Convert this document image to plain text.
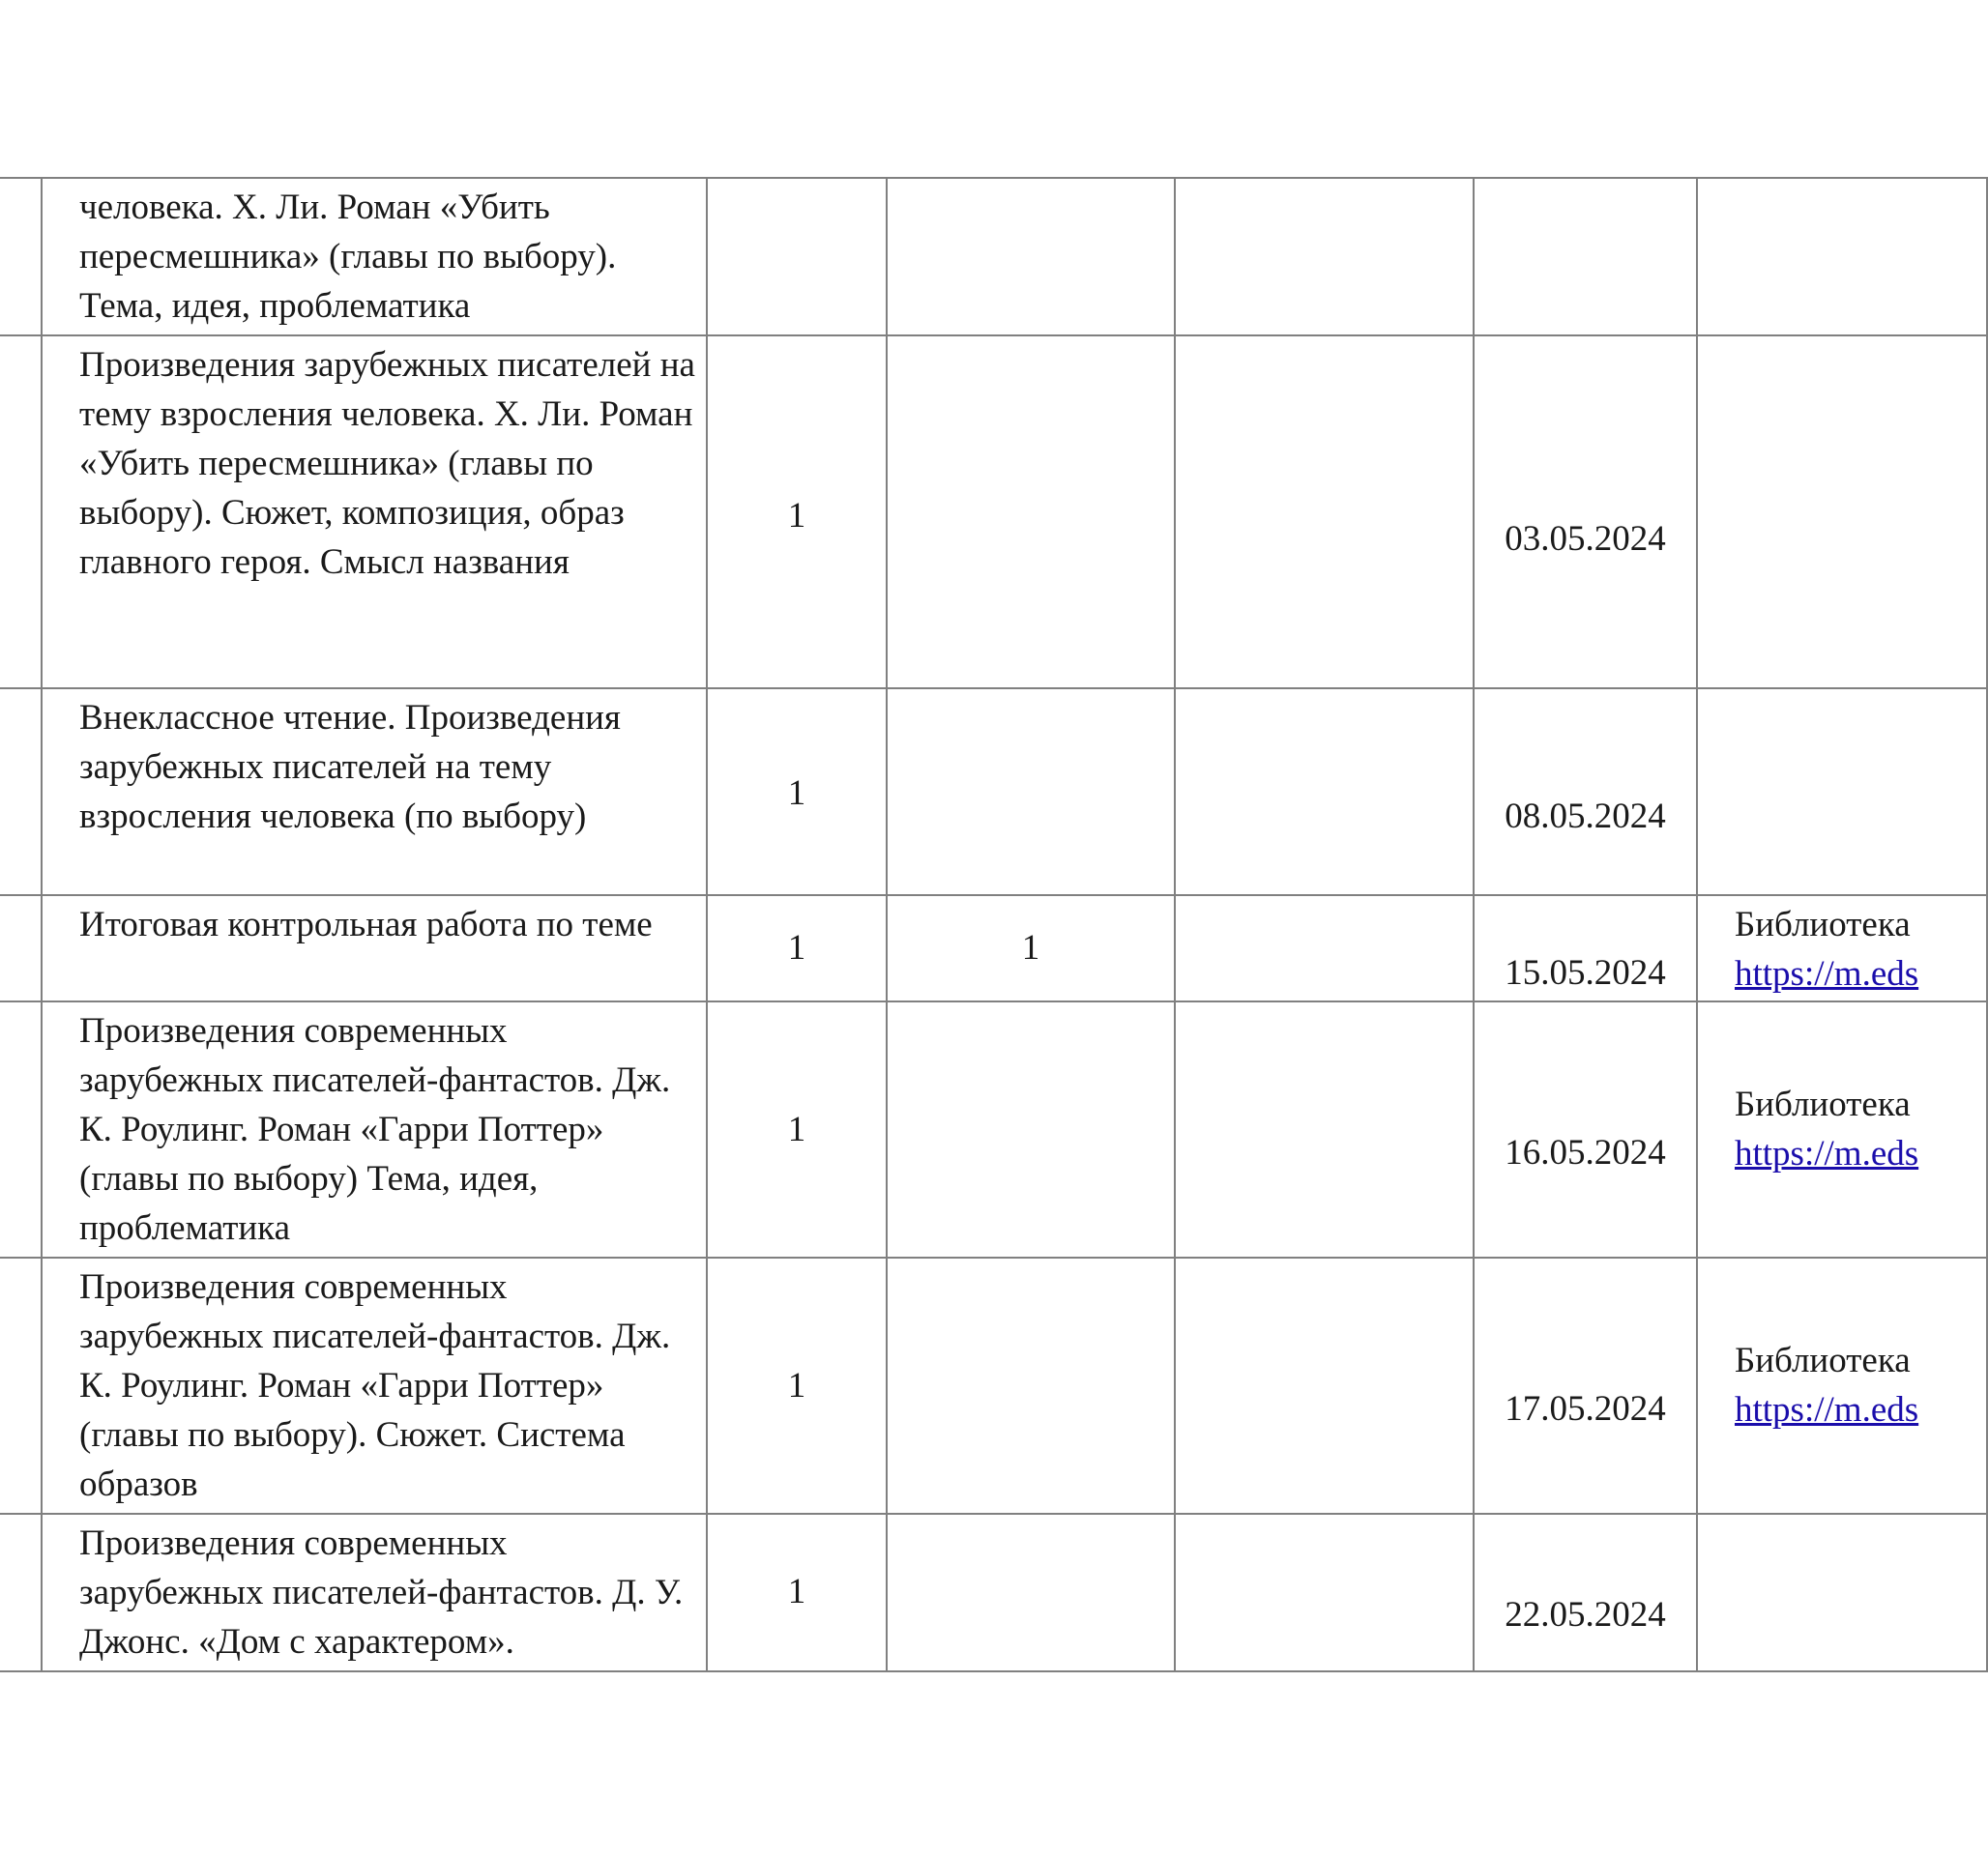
	человека. Х. Ли. Роман «Убить пересмешника» (главы по выбору). Тема, идея, проблематика	

	Произведения зарубежных писателей на тему взросления человека. Х. Ли. Роман «Убить пересмешника» (главы по выбору). Сюжет, композиция, образ главного героя. Смысл названия	1			03.05.2024	
	Внеклассное чтение. Произведения зарубежных писателей на тему взросления человека (по выбору)	1			08.05.2024	
	Итоговая контрольная работа по теме	1	1		15.05.2024	Библиотека
https://m.eds

	Произведения современных зарубежных писателей-фантастов. Дж. К. Роулинг. Роман «Гарри Поттер» (главы по выбору) Тема, идея, проблематика	1			16.05.2024	Библиотека
https://m.eds

	Произведения современных зарубежных писателей-фантастов. Дж. К. Роулинг. Роман «Гарри Поттер» (главы по выбору). Сюжет. Система образов	1			17.05.2024	Библиотека
https://m.eds

	Произведения современных зарубежных писателей-фантастов. Д. У. Джонс. «Дом с характером».	1			22.05.2024	
